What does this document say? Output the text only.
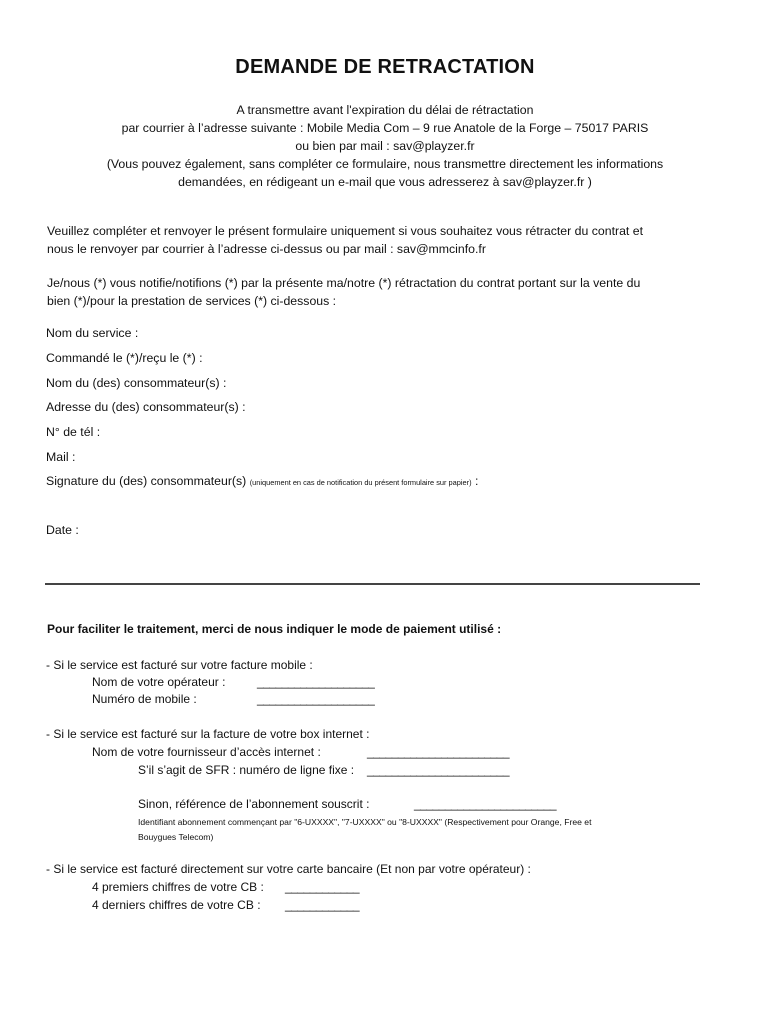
DEMANDE DE RETRACTATION
A transmettre avant l'expiration du délai de rétractation
par courrier à l’adresse suivante : Mobile Media Com – 9 rue Anatole de la Forge – 75017 PARIS
ou bien par mail : sav@playzer.fr
(Vous pouvez également, sans compléter ce formulaire, nous transmettre directement les informations
demandées, en rédigeant un e-mail que vous adresserez à sav@playzer.fr )
Veuillez compléter et renvoyer le présent formulaire uniquement si vous souhaitez vous rétracter du contrat et
nous le renvoyer par courrier à l’adresse ci-dessus ou par mail : sav@mmcinfo.fr
Je/nous (*) vous notifie/notifions (*) par la présente ma/notre (*) rétractation du contrat portant sur la vente du
bien (*)/pour la prestation de services (*) ci-dessous :
Nom du service :
Commandé le (*)/reçu le (*) :
Nom du (des) consommateur(s) :
Adresse du (des) consommateur(s) :
N° de tél :
Mail :
Signature du (des) consommateur(s) (uniquement en cas de notification du présent formulaire sur papier) :
Date :
Pour faciliter le traitement, merci de nous indiquer le mode de paiement utilisé :
- Si le service est facturé sur votre facture mobile :
Nom de votre opérateur :	___________________
Numéro de mobile :	___________________
- Si le service est facturé sur la facture de votre box internet :
Nom de votre fournisseur d’accès internet :	_______________________
S’il s’agit de SFR : numéro de ligne fixe : _______________________
Sinon, référence de l’abonnement souscrit :	_______________________
Identifiant abonnement commençant par "6-UXXXX", "7-UXXXX" ou "8-UXXXX" (Respectivement pour Orange, Free et
Bouygues Telecom)
- Si le service est facturé directement sur votre carte bancaire (Et non par votre opérateur) :
4 premiers chiffres de votre CB : ____________
4 derniers chiffres de votre CB : ____________
